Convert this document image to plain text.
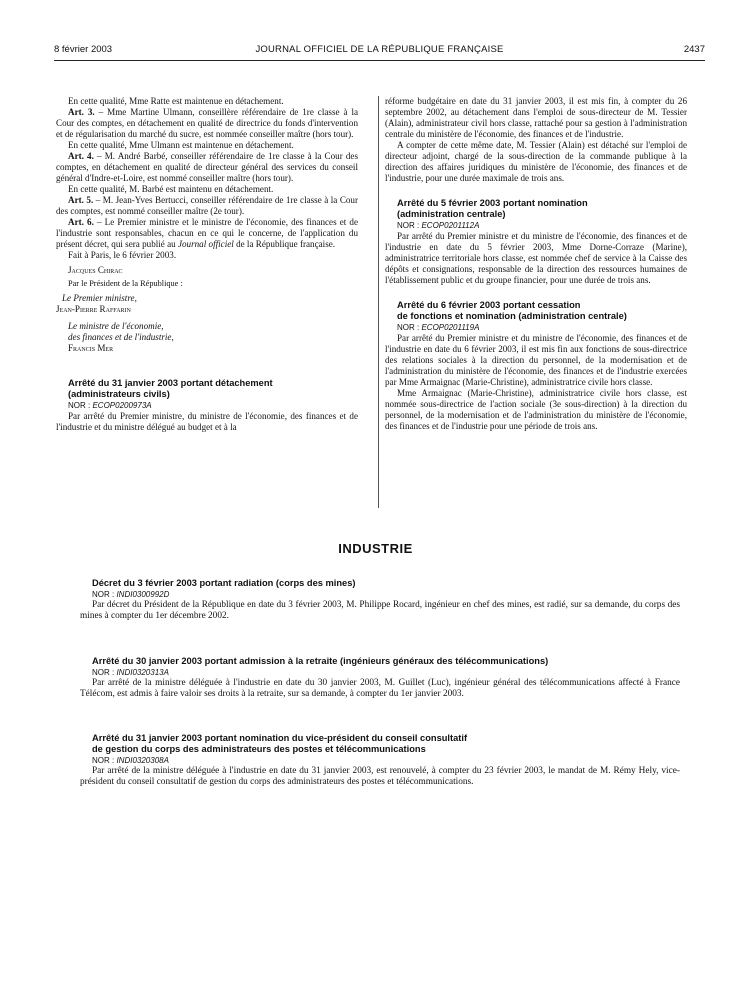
8 février 2003	JOURNAL OFFICIEL DE LA RÉPUBLIQUE FRANÇAISE	2437

En cette qualité, Mme Ratte est maintenue en détachement.

Art. 3. – Mme Martine Ulmann, conseillère référendaire de 1re classe à la Cour des comptes, en détachement en qualité de directrice du fonds d'intervention et de régularisation du marché du sucre, est nommée conseiller maître (hors tour).

En cette qualité, Mme Ulmann est maintenue en détachement.

Art. 4. – M. André Barbé, conseiller référendaire de 1re classe à la Cour des comptes, en détachement en qualité de directeur général des services du conseil général d'Indre-et-Loire, est nommé conseiller maître (hors tour).

En cette qualité, M. Barbé est maintenu en détachement.

Art. 5. – M. Jean-Yves Bertucci, conseiller référendaire de 1re classe à la Cour des comptes, est nommé conseiller maître (2e tour).

Art. 6. – Le Premier ministre et le ministre de l'économie, des finances et de l'industrie sont responsables, chacun en ce qui le concerne, de l'application du présent décret, qui sera publié au Journal officiel de la République française.

Fait à Paris, le 6 février 2003.

Jacques Chirac

Par le Président de la République :

Le Premier ministre,

Jean-Pierre Raffarin

Le ministre de l'économie,

des finances et de l'industrie,

Francis Mer

Arrêté du 31 janvier 2003 portant détachement

(administrateurs civils)

NOR : ECOP0200973A

Par arrêté du Premier ministre, du ministre de l'économie, des finances et de l'industrie et du ministre délégué au budget et à la

réforme budgétaire en date du 31 janvier 2003, il est mis fin, à compter du 26 septembre 2002, au détachement dans l'emploi de sous-directeur de M. Tessier (Alain), administrateur civil hors classe, rattaché pour sa gestion à l'administration centrale du ministère de l'économie, des finances et de l'industrie.

A compter de cette même date, M. Tessier (Alain) est détaché sur l'emploi de directeur adjoint, chargé de la sous-direction de la commande publique à la direction des affaires juridiques du ministère de l'économie, des finances et de l'industrie, pour une durée maximale de trois ans.

Arrêté du 5 février 2003 portant nomination

(administration centrale)

NOR : ECOP0201112A

Par arrêté du Premier ministre et du ministre de l'économie, des finances et de l'industrie en date du 5 février 2003, Mme Dorne-Corraze (Marine), administratrice territoriale hors classe, est nommée chef de service à la Caisse des dépôts et consignations, responsable de la direction des ressources humaines de l'établissement public et du groupe financier, pour une durée de trois ans.

Arrêté du 6 février 2003 portant cessation

de fonctions et nomination (administration centrale)

NOR : ECOP0201119A

Par arrêté du Premier ministre et du ministre de l'économie, des finances et de l'industrie en date du 6 février 2003, il est mis fin aux fonctions de sous-directrice des relations sociales à la direction du personnel, de la modernisation et de l'administration du ministère de l'économie, des finances et de l'industrie exercées par Mme Armaignac (Marie-Christine), administratrice civile hors classe.

Mme Armaignac (Marie-Christine), administratrice civile hors classe, est nommée sous-directrice de l'action sociale (3e sous-direction) à la direction du personnel, de la modernisation et de l'administration du ministère de l'économie, des finances et de l'industrie pour une période de trois ans.

INDUSTRIE

Décret du 3 février 2003 portant radiation (corps des mines)

NOR : INDI0300992D

Par décret du Président de la République en date du 3 février 2003, M. Philippe Rocard, ingénieur en chef des mines, est radié, sur sa demande, du corps des mines à compter du 1er décembre 2002.

Arrêté du 30 janvier 2003 portant admission à la retraite (ingénieurs généraux des télécommunications)

NOR : INDI0320313A

Par arrêté de la ministre déléguée à l'industrie en date du 30 janvier 2003, M. Guillet (Luc), ingénieur général des télécommunications affecté à France Télécom, est admis à faire valoir ses droits à la retraite, sur sa demande, à compter du 1er janvier 2003.

Arrêté du 31 janvier 2003 portant nomination du vice-président du conseil consultatif

de gestion du corps des administrateurs des postes et télécommunications

NOR : INDI0320308A

Par arrêté de la ministre déléguée à l'industrie en date du 31 janvier 2003, est renouvelé, à compter du 23 février 2003, le mandat de M. Rémy Hely, vice-président du conseil consultatif de gestion du corps des administrateurs des postes et télécommunications.
